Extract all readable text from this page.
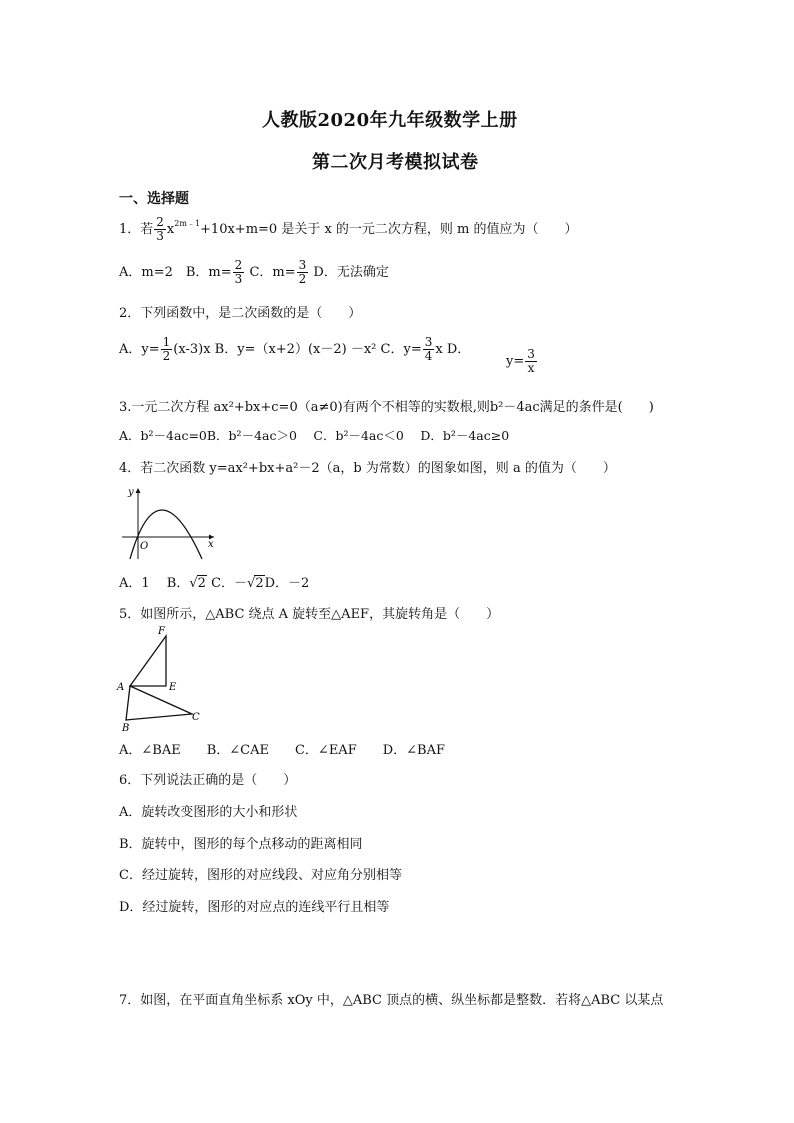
人教版2020年九年级数学上册
第二次月考模拟试卷
一、选择题
1．若 $\frac{2}{3} x^{2m﹣1}+10x+m=0$ 是关于 x 的一元二次方程，则 m 的值应为（　　）
A．m=2　B．$m= \frac{2}{3}$ C．$m= \frac{3}{2}$ D．无法确定
2．下列函数中，是二次函数的是（　　）
A．$y= \frac{1}{2} (x-3)x$ B．y=（x+2）(x－2) －x² C．$y= \frac{3}{4}$ x D．
$y= \frac{3}{x}$
3.一元二次方程 ax²+bx+c=0（a≠0)有两个不相等的实数根,则b²－4ac满足的条件是(　　)
A．b²－4ac=0B．b²－4ac＞0　 C．b²－4ac＜0　 D．b²－4ac≥0
4．若二次函数 y=ax²+bx+a²－2（a，b 为常数）的图象如图，则 a 的值为（　　）
y
x
O
A．1　 B．√2 C．－√2D．－2
5．如图所示，△ABC 绕点 A 旋转至△AEF，其旋转角是（　　）
F
A	E
B
C
A．∠BAE　　B．∠CAE　　C．∠EAF　　D．∠BAF
6．下列说法正确的是（　　）
A．旋转改变图形的大小和形状
B．旋转中，图形的每个点移动的距离相同
C．经过旋转，图形的对应线段、对应角分别相等
D．经过旋转，图形的对应点的连线平行且相等
7．如图，在平面直角坐标系 xOy 中，△ABC 顶点的横、纵坐标都是整数．若将△ABC 以某点
